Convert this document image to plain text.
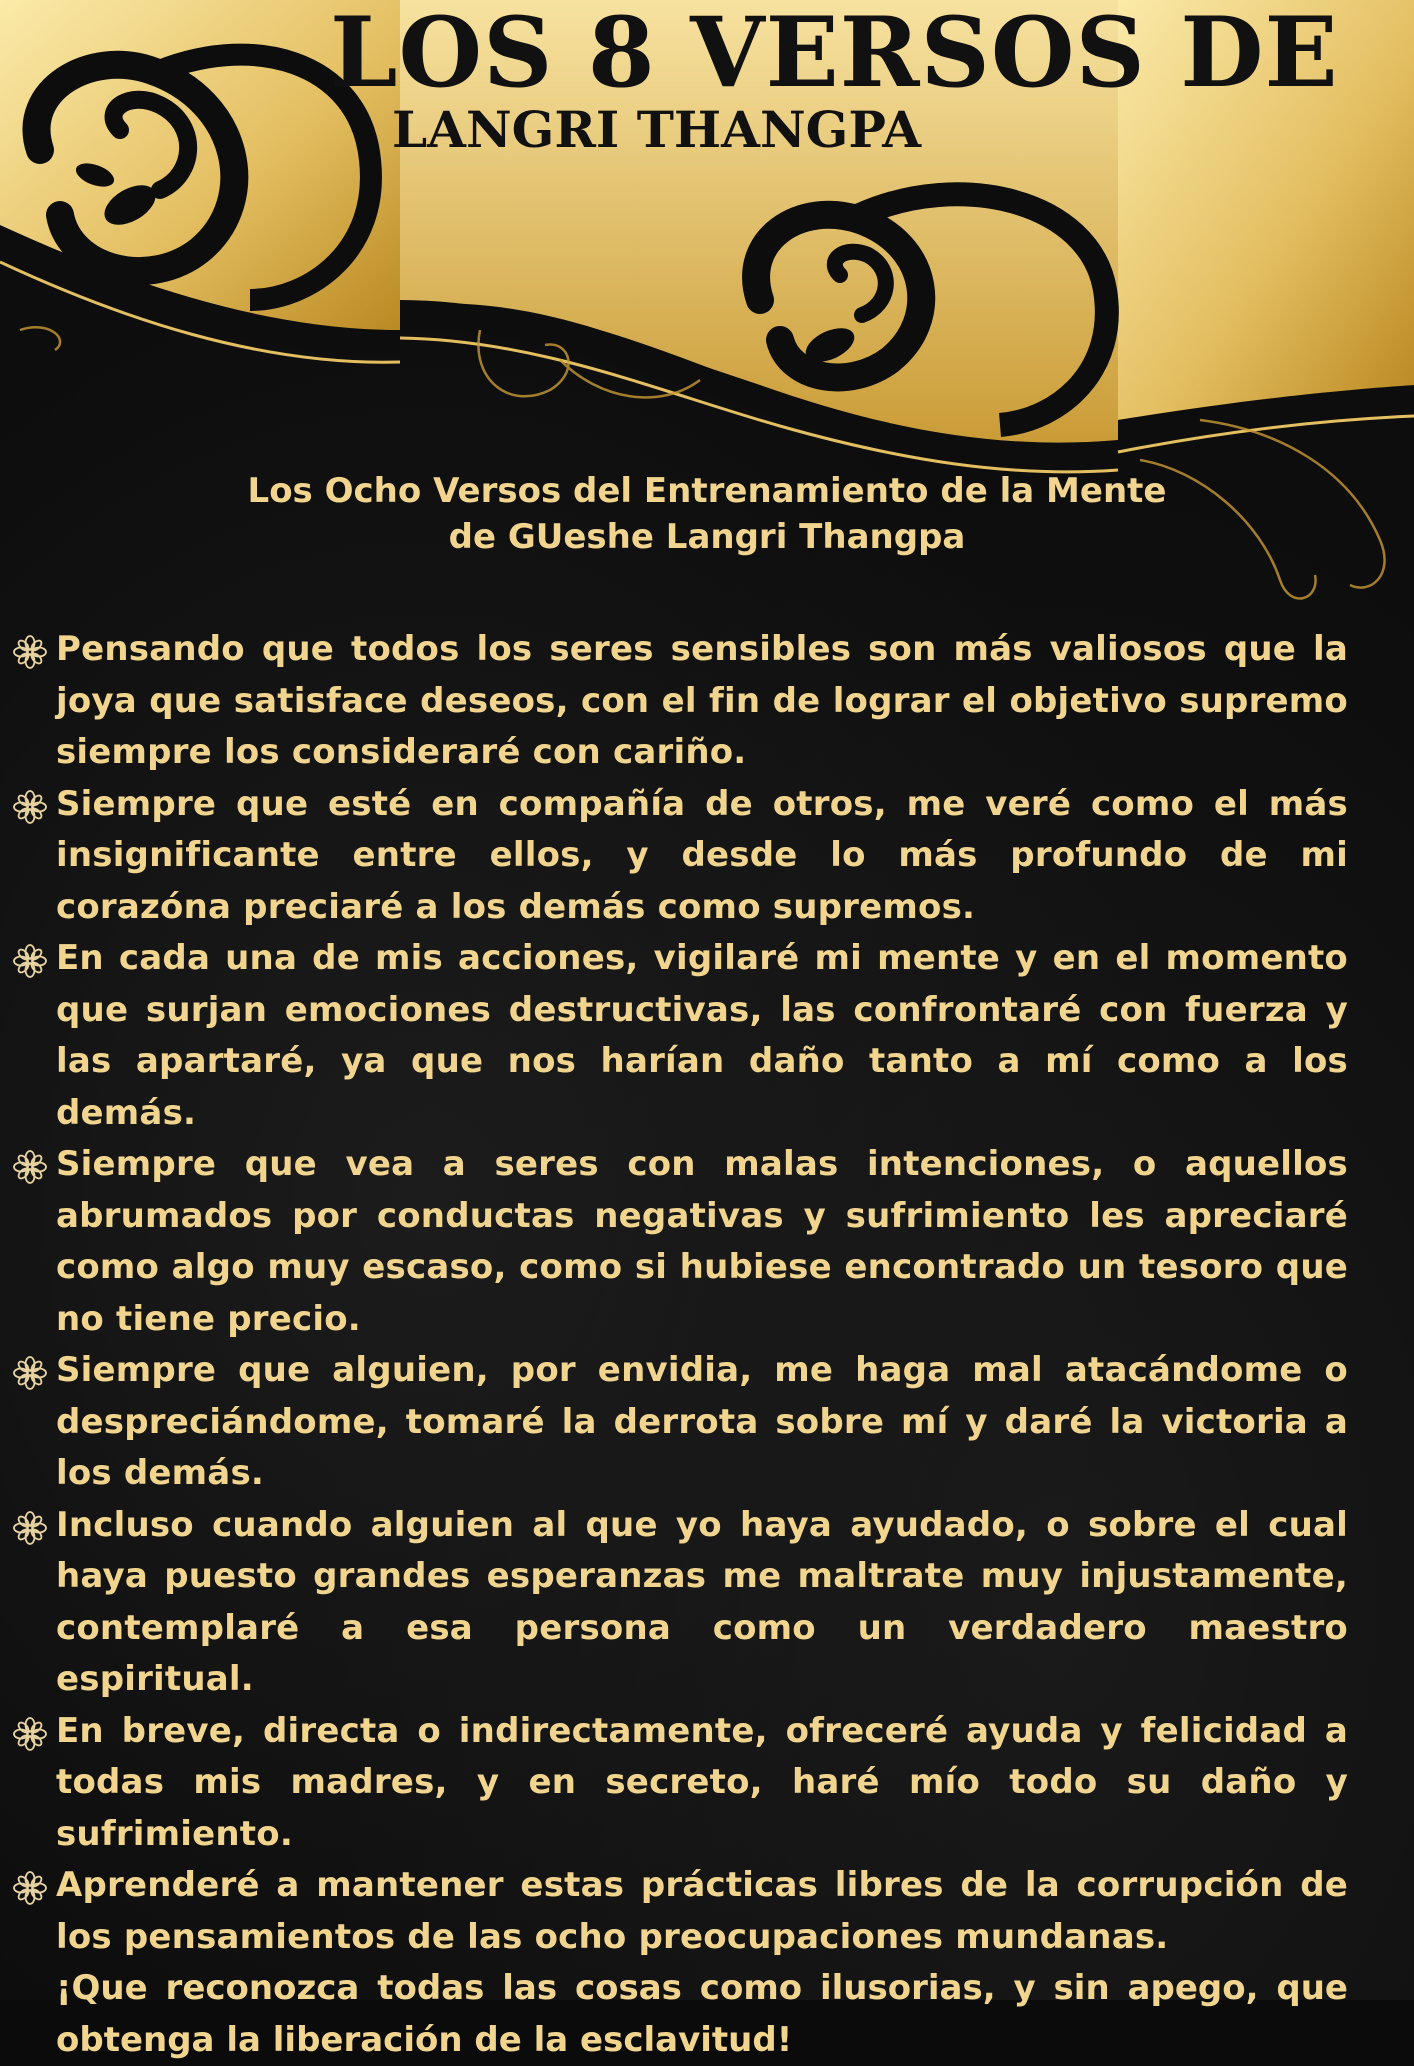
LOS 8 VERSOS DE
LANGRI THANGPA
Los Ocho Versos del Entrenamiento de la Mente
de GUeshe Langri Thangpa
Pensando que todos los seres sensibles son más valiosos que la joya que satisface deseos, con el fin de lograr el objetivo supremo siempre los consideraré con cariño.
Siempre que esté en compañía de otros, me veré como el más insignificante entre ellos, y desde lo más profundo de mi corazóna preciaré a los demás como supremos.
En cada una de mis acciones, vigilaré mi mente y en el momento que surjan emociones destructivas, las confrontaré con fuerza y las apartaré, ya que nos harían daño tanto a mí como a los demás.
Siempre que vea a seres con malas intenciones, o aquellos abrumados por conductas negativas y sufrimiento les apreciaré como algo muy escaso, como si hubiese encontrado un tesoro que no tiene precio.
Siempre que alguien, por envidia, me haga mal atacándome o despreciándome, tomaré la derrota sobre mí y daré la victoria a los demás.
Incluso cuando alguien al que yo haya ayudado, o sobre el cual haya puesto grandes esperanzas me maltrate muy injustamente, contemplaré a esa persona como un verdadero maestro espiritual.
En breve, directa o indirectamente, ofreceré ayuda y felicidad a todas mis madres, y en secreto, haré mío todo su daño y sufrimiento.
Aprenderé a mantener estas prácticas libres de la corrupción de los pensamientos de las ocho preocupaciones mundanas.
¡Que reconozca todas las cosas como ilusorias, y sin apego, que obtenga la liberación de la esclavitud!
